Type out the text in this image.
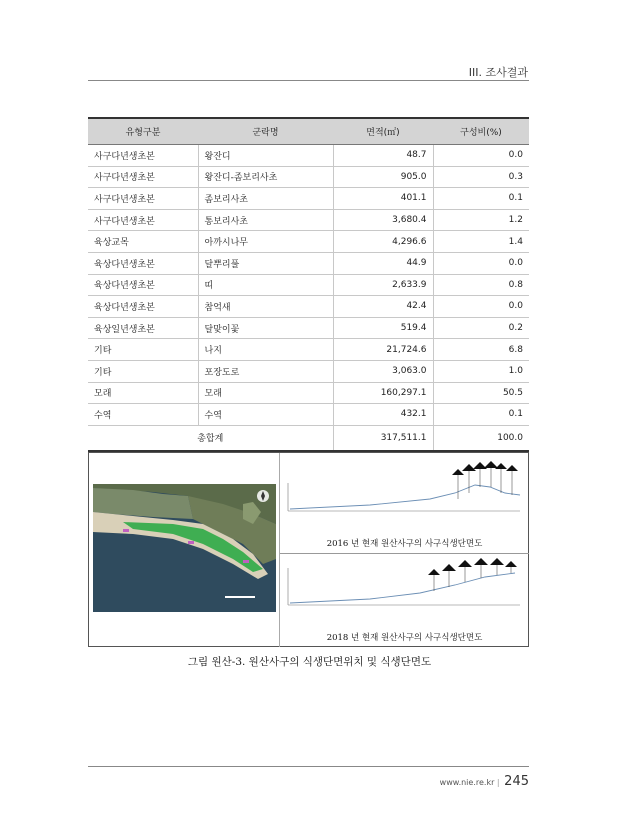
III. 조사결과
유형구분	군락명	면적(㎡)	구성비(%)
사구다년생초본	왕잔디	48.7	0.0
사구다년생초본	왕잔디-좀보리사초	905.0	0.3
사구다년생초본	좀보리사초	401.1	0.1
사구다년생초본	통보리사초	3,680.4	1.2
육상교목	아까시나무	4,296.6	1.4
육상다년생초본	달뿌리풀	44.9	0.0
육상다년생초본	띠	2,633.9	0.8
육상다년생초본	참억새	42.4	0.0
육상일년생초본	달맞이꽃	519.4	0.2
기타	나지	21,724.6	6.8
기타	포장도로	3,063.0	1.0
모래	모래	160,297.1	50.5
수역	수역	432.1	0.1
총합계		317,511.1	100.0
2016 년 현재 원산사구의 사구식생단면도
2018 년 현재 원산사구의 사구식생단면도
그림 원산-3. 원산사구의 식생단면위치 및 식생단면도
www.nie.re.kr | 245
